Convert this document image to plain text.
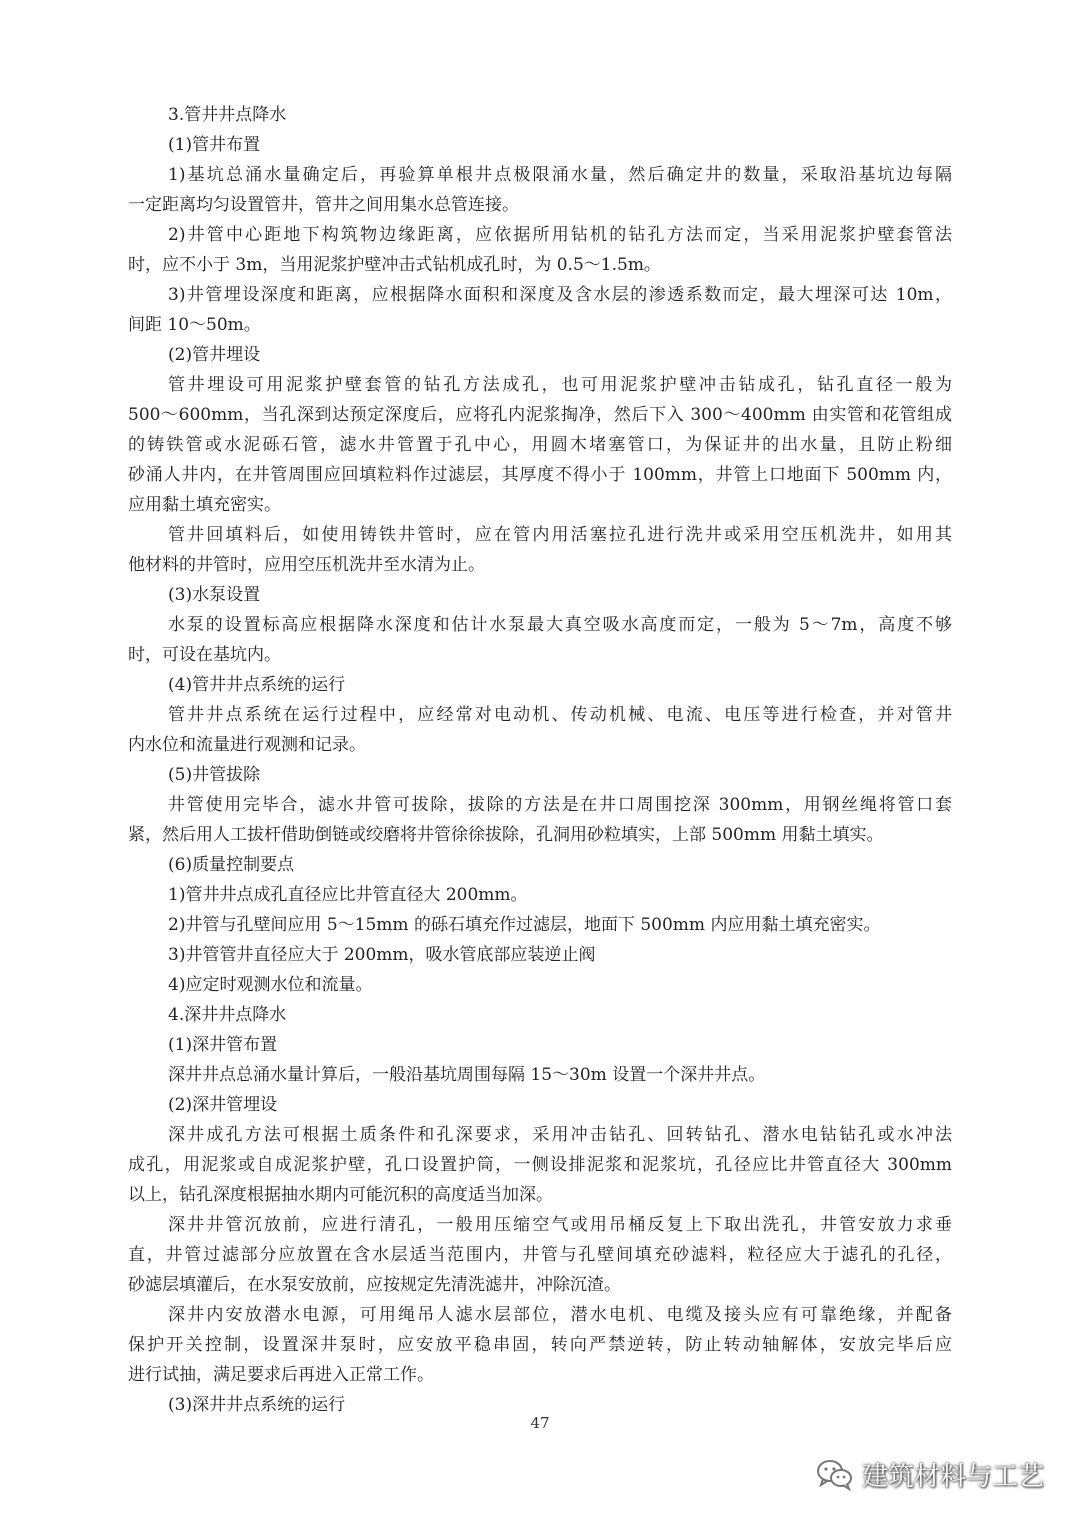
3.管井井点降水
(1)管井布置
1)基坑总涌水量确定后，再验算单根井点极限涌水量，然后确定井的数量，采取沿基坑边每隔
一定距离均匀设置管井，管井之间用集水总管连接。
2)井管中心距地下构筑物边缘距离，应依据所用钻机的钻孔方法而定，当采用泥浆护壁套管法
时，应不小于 3m，当用泥浆护壁冲击式钻机成孔时，为 0.5～1.5m。
3)井管埋设深度和距离，应根据降水面积和深度及含水层的渗透系数而定，最大埋深可达 10m，
间距 10～50m。
(2)管井埋设
管井埋设可用泥浆护壁套管的钻孔方法成孔，也可用泥浆护壁冲击钻成孔，钻孔直径一般为
500～600mm，当孔深到达预定深度后，应将孔内泥浆掏净，然后下入 300～400mm 由实管和花管组成
的铸铁管或水泥砾石管，滤水井管置于孔中心，用圆木堵塞管口，为保证井的出水量，且防止粉细
砂涌人井内，在井管周围应回填粒料作过滤层，其厚度不得小于 100mm，井管上口地面下 500mm 内，
应用黏土填充密实。
管井回填料后，如使用铸铁井管时，应在管内用活塞拉孔进行洗井或采用空压机洗井，如用其
他材料的井管时，应用空压机洗井至水清为止。
(3)水泵设置
水泵的设置标高应根据降水深度和估计水泵最大真空吸水高度而定，一般为 5～7m，高度不够
时，可设在基坑内。
(4)管井井点系统的运行
管井井点系统在运行过程中，应经常对电动机、传动机械、电流、电压等进行检查，并对管井
内水位和流量进行观测和记录。
(5)井管拔除
井管使用完毕合，滤水井管可拔除，拔除的方法是在井口周围挖深 300mm，用钢丝绳将管口套
紧，然后用人工拔杆借助倒链或绞磨将井管徐徐拔除，孔洞用砂粒填实，上部 500mm 用黏土填实。
(6)质量控制要点
1)管井井点成孔直径应比井管直径大 200mm。
2)井管与孔壁间应用 5～15mm 的砾石填充作过滤层，地面下 500mm 内应用黏土填充密实。
3)井管管井直径应大于 200mm，吸水管底部应装逆止阀
4)应定时观测水位和流量。
4.深井井点降水
(1)深井管布置
深井井点总涌水量计算后，一般沿基坑周围每隔 15～30m 设置一个深井井点。
(2)深井管埋设
深井成孔方法可根据土质条件和孔深要求，采用冲击钻孔、回转钻孔、潜水电钻钻孔或水冲法
成孔，用泥浆或自成泥浆护壁，孔口设置护筒，一侧设排泥浆和泥浆坑，孔径应比井管直径大 300mm
以上，钻孔深度根据抽水期内可能沉积的高度适当加深。
深井井管沉放前，应进行清孔，一般用压缩空气或用吊桶反复上下取出洗孔，井管安放力求垂
直，井管过滤部分应放置在含水层适当范围内，井管与孔壁间填充砂滤料，粒径应大于滤孔的孔径，
砂滤层填灌后，在水泵安放前，应按规定先清洗滤井，冲除沉渣。
深井内安放潜水电源，可用绳吊人滤水层部位，潜水电机、电缆及接头应有可靠绝缘，并配备
保护开关控制，设置深井泵时，应安放平稳串固，转向严禁逆转，防止转动轴解体，安放完毕后应
进行试抽，满足要求后再进入正常工作。
(3)深井井点系统的运行
47
建筑材料与工艺
